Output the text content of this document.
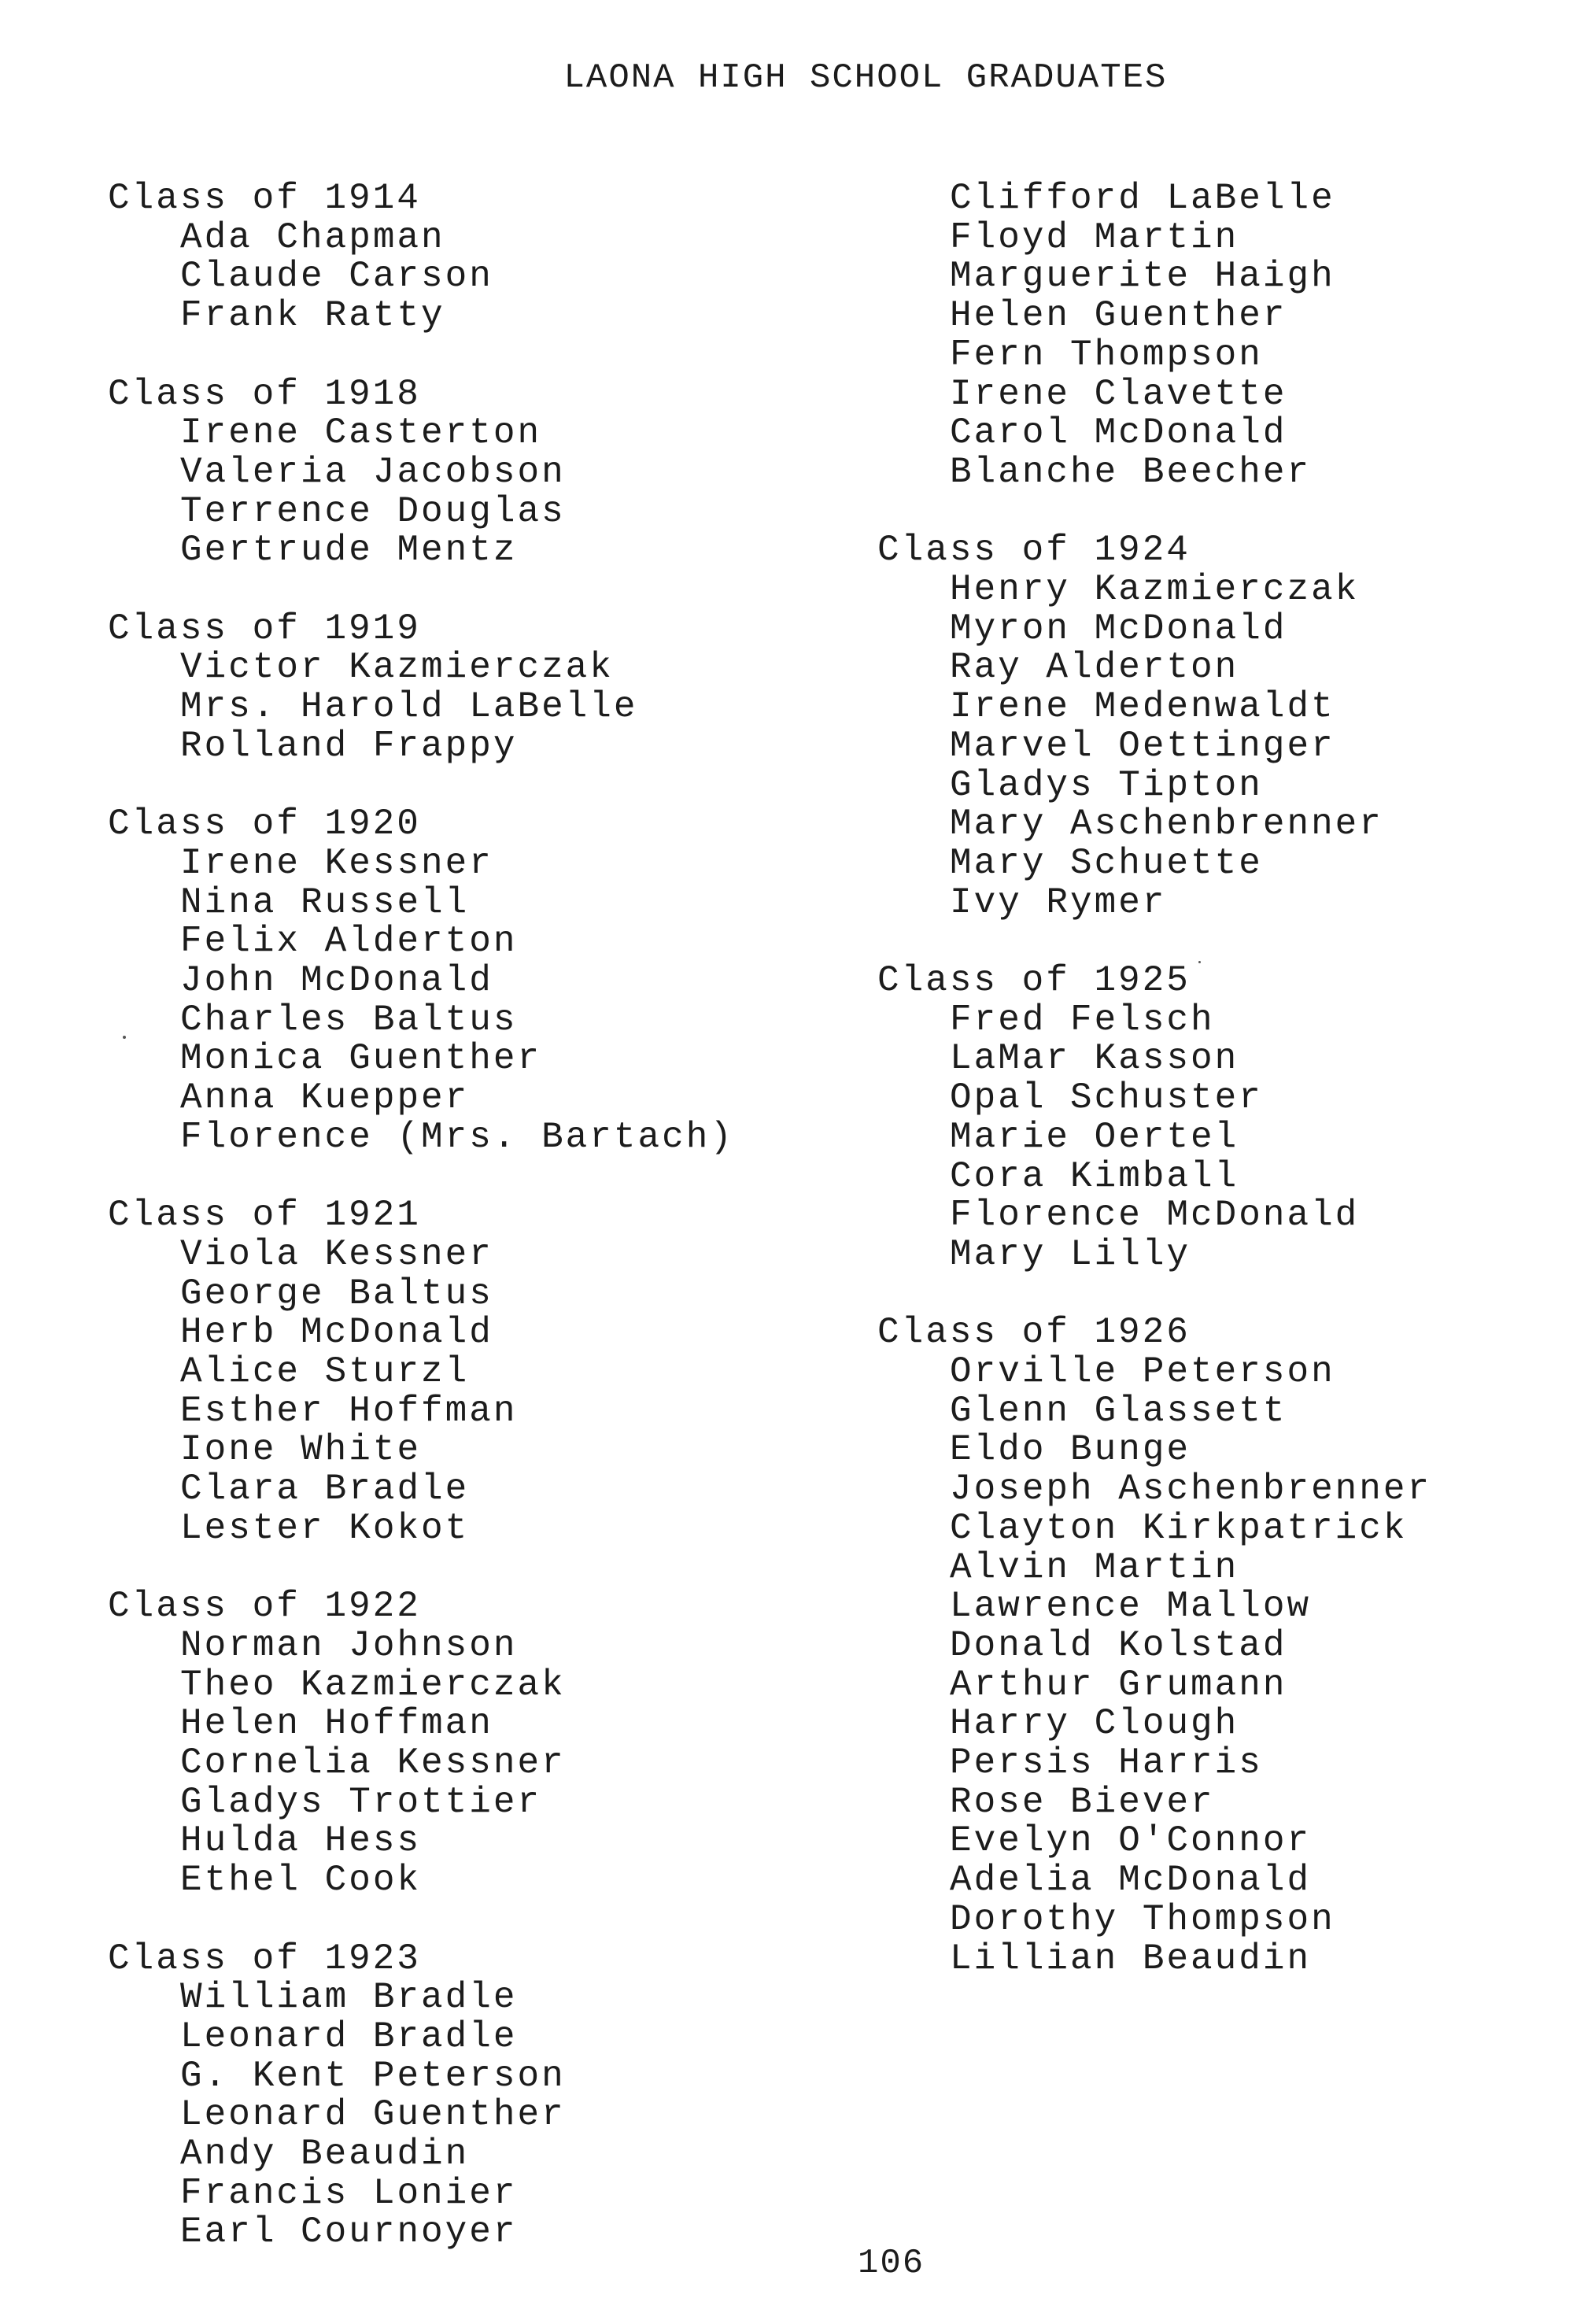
LAONA HIGH SCHOOL GRADUATES
Class of 1914
Ada Chapman
Claude Carson
Frank Ratty
Class of 1918
Irene Casterton
Valeria Jacobson
Terrence Douglas
Gertrude Mentz
Class of 1919
Victor Kazmierczak
Mrs. Harold LaBelle
Rolland Frappy
Class of 1920
Irene Kessner
Nina Russell
Felix Alderton
John McDonald
Charles Baltus
Monica Guenther
Anna Kuepper
Florence (Mrs. Bartach)
Class of 1921
Viola Kessner
George Baltus
Herb McDonald
Alice Sturzl
Esther Hoffman
Ione White
Clara Bradle
Lester Kokot
Class of 1922
Norman Johnson
Theo Kazmierczak
Helen Hoffman
Cornelia Kessner
Gladys Trottier
Hulda Hess
Ethel Cook
Class of 1923
William Bradle
Leonard Bradle
G. Kent Peterson
Leonard Guenther
Andy Beaudin
Francis Lonier
Earl Cournoyer
Clifford LaBelle
Floyd Martin
Marguerite Haigh
Helen Guenther
Fern Thompson
Irene Clavette
Carol McDonald
Blanche Beecher
Class of 1924
Henry Kazmierczak
Myron McDonald
Ray Alderton
Irene Medenwaldt
Marvel Oettinger
Gladys Tipton
Mary Aschenbrenner
Mary Schuette
Ivy Rymer
Class of 1925
Fred Felsch
LaMar Kasson
Opal Schuster
Marie Oertel
Cora Kimball
Florence McDonald
Mary Lilly
Class of 1926
Orville Peterson
Glenn Glassett
Eldo Bunge
Joseph Aschenbrenner
Clayton Kirkpatrick
Alvin Martin
Lawrence Mallow
Donald Kolstad
Arthur Grumann
Harry Clough
Persis Harris
Rose Biever
Evelyn O'Connor
Adelia McDonald
Dorothy Thompson
Lillian Beaudin
106
